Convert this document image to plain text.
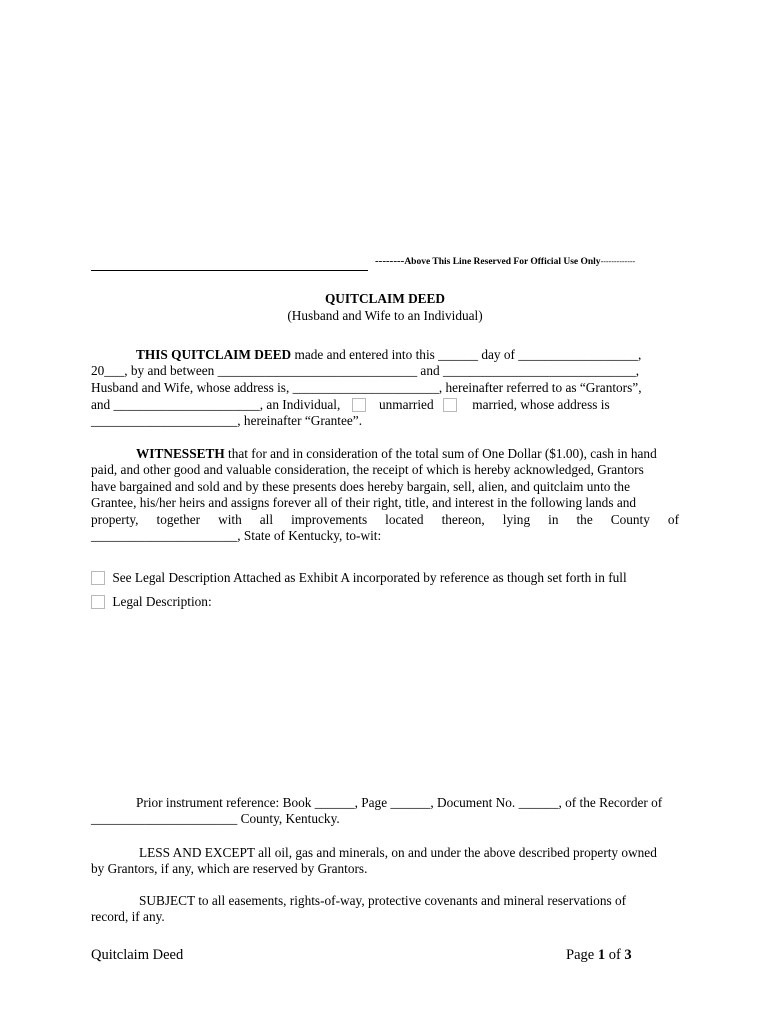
--------Above This Line Reserved For Official Use Only-------------
QUITCLAIM DEED
(Husband and Wife to an Individual)
THIS QUITCLAIM DEED made and entered into this ______ day of __________________,
20___, by and between ______________________________ and _____________________________,
Husband and Wife, whose address is, ______________________, hereinafter referred to as “Grantors”,
and ______________________, an Individual,	unmarried	married, whose address is
______________________, hereinafter “Grantee”.
WITNESSETH that for and in consideration of the total sum of One Dollar ($1.00), cash in hand
paid, and other good and valuable consideration, the receipt of which is hereby acknowledged, Grantors
have bargained and sold and by these presents does hereby bargain, sell, alien, and quitclaim unto the
Grantee, his/her heirs and assigns forever all of their right, title, and interest in the following lands and
property, together with all improvements located thereon, lying in the County of
______________________, State of Kentucky, to-wit:
See Legal Description Attached as Exhibit A incorporated by reference as though set forth in full
Legal Description:
Prior instrument reference: Book ______, Page ______, Document No. ______, of the Recorder of
______________________ County, Kentucky.
LESS AND EXCEPT all oil, gas and minerals, on and under the above described property owned
by Grantors, if any, which are reserved by Grantors.
SUBJECT to all easements, rights-of-way, protective covenants and mineral reservations of
record, if any.
Quitclaim Deed	Page 1 of 3
